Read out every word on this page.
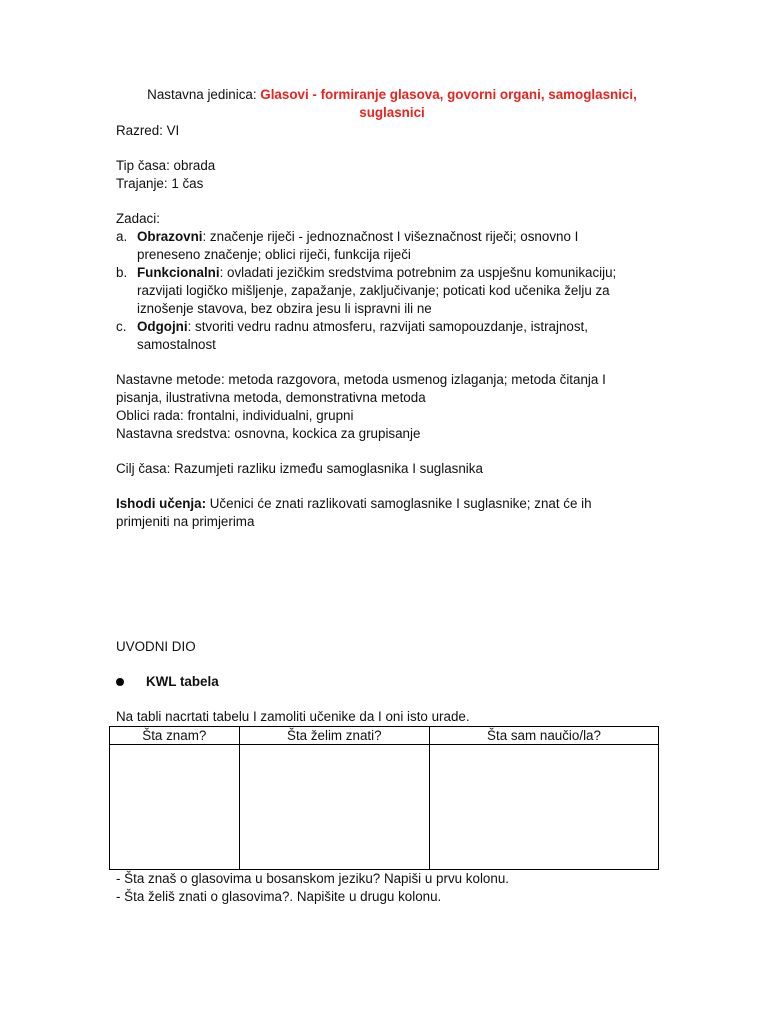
Nastavna jedinica: Glasovi - formiranje glasova, govorni organi, samoglasnici,
suglasnici

Razred: VI

Tip časa: obrada

Trajanje: 1 čas

Zadaci:

a. Obrazovni: značenje riječi - jednoznačnost I višeznačnost riječi; osnovno I
preneseno značenje; oblici riječi, funkcija riječi
b. Funkcionalni: ovladati jezičkim sredstvima potrebnim za uspješnu komunikaciju;
razvijati logičko mišljenje, zapažanje, zaključivanje; poticati kod učenika želju za
iznošenje stavova, bez obzira jesu li ispravni ili ne
c. Odgojni: stvoriti vedru radnu atmosferu, razvijati samopouzdanje, istrajnost,
samostalnost

Nastavne metode: metoda razgovora, metoda usmenog izlaganja; metoda čitanja I
pisanja, ilustrativna metoda, demonstrativna metoda

Oblici rada: frontalni, individualni, grupni

Nastavna sredstva: osnovna, kockica za grupisanje

Cilj časa: Razumjeti razliku između samoglasnika I suglasnika

Ishodi učenja: Učenici će znati razlikovati samoglasnike I suglasnike; znat će ih
primjeniti na primjerima

UVODNI DIO

KWL tabela

Na tabli nacrtati tabelu I zamoliti učenike da I oni isto urade.

Šta znam?	Šta želim znati?	Šta sam naučio/la?

- Šta znaš o glasovima u bosanskom jeziku? Napiši u prvu kolonu.

- Šta želiš znati o glasovima?. Napišite u drugu kolonu.
